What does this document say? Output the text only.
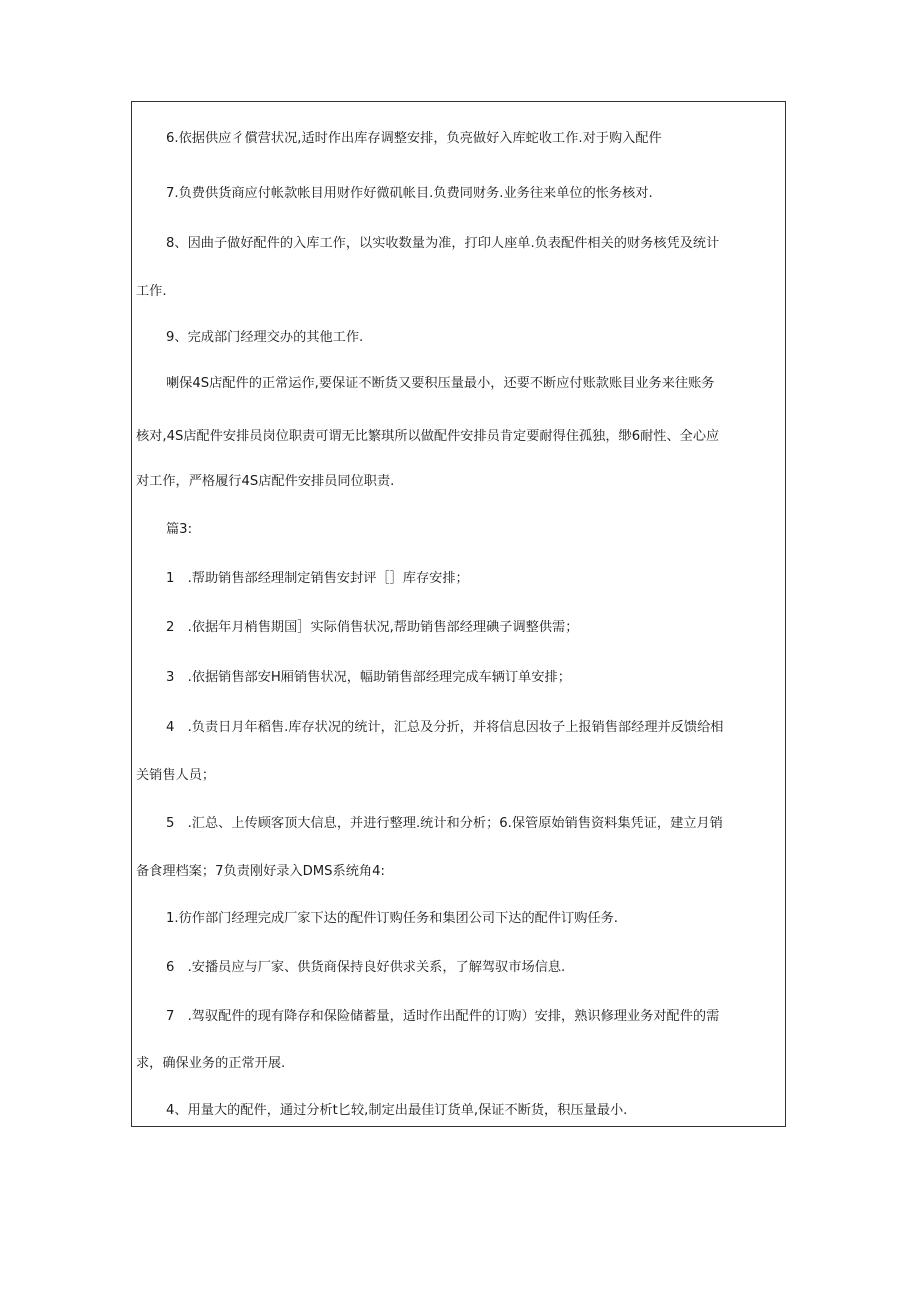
6.依据供应彳償营状况,适时作出库存调整安排，负亮做好入库蛇收工作.对于购入配件
7.负费供货商应付帐款帐目用财作好微矶帐目.负费同财务.业务往来单位的怅务核对.
8、因曲子做好配件的入库工作，以实收数量为准，打印人座单.负表配件相关的财务核凭及统计
工作.
9、完成部门经理交办的其他工作.
喇保4S店配件的正常运作,要保证不断货又要积压量最小，还要不断应付账款账目业务来往账务
核对,4S店配件安排员岗位职责可谓无比繁琪所以做配件安排员肯定要耐得住孤独，缈6耐性、全心应
对工作，严格履行4S店配件安排员同位职责.
篇3:
1　.帮助销售部经理制定销售安封评［］库存安排；
2　.依据年月梢售期国］实际俏售状况,帮助销售部经理碘子调整供需；
3　.依据销售部安H厢销售状况，幅助销售部经理完成车辆订单安排；
4　.负责日月年稻售.库存状况的统计，汇总及分折，并将信息因妆子上报销售部经理并反馈给相
关销售人员；
5　.汇总、上传顾客顶大信息，并进行整理.统计和分析；6.保管原始销售资料集凭证，建立月销
备食理档案；7负责刚好录入DMS系统角4:
1.彷作部门经理完成厂家下达的配件订购任务和集团公司下达的配件订购任务.
6　.安播员应与厂家、供货商保持良好供求关系，了解驾驭市场信息.
7　.驾驭配件的现有降存和保险储蓄量，适时作出配件的订购）安排，熟识修理业务对配件的需
求，确保业务的正常开展.
4、用量大的配件，通过分析t匕较,制定出最佳订货单,保证不断货，积压量最小.
